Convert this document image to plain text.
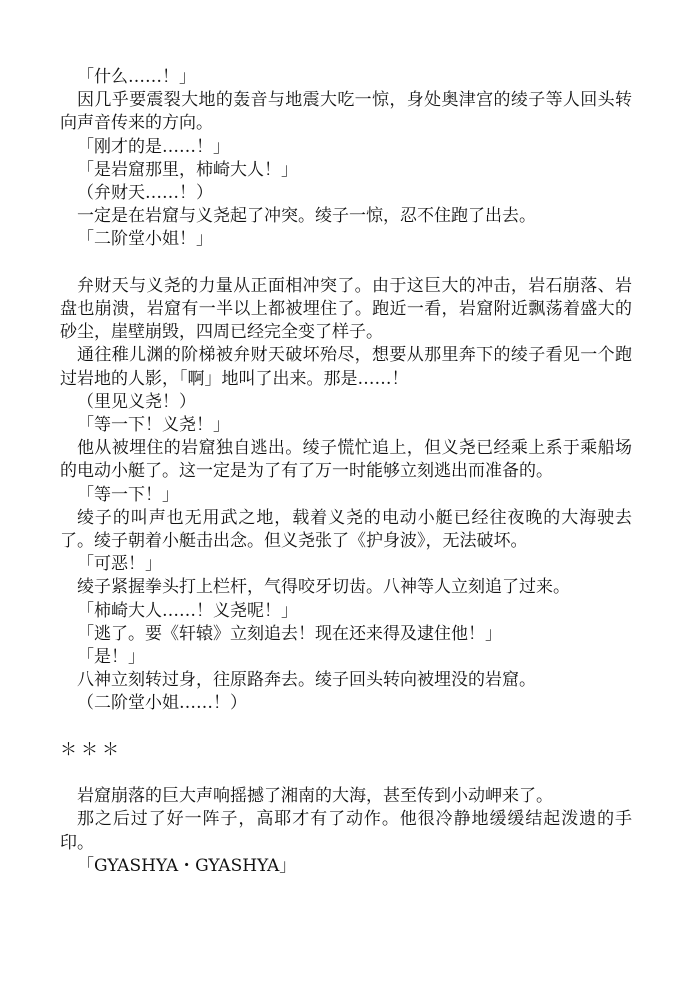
「什么……！」

因几乎要震裂大地的轰音与地震大吃一惊，身处奥津宫的绫子等人回头转向声音传来的方向。

「刚才的是……！」

「是岩窟那里，柿崎大人！」

（弁财天……！）

一定是在岩窟与义尧起了冲突。绫子一惊，忍不住跑了出去。

「二阶堂小姐！」

弁财天与义尧的力量从正面相冲突了。由于这巨大的冲击，岩石崩落、岩盘也崩溃，岩窟有一半以上都被埋住了。跑近一看，岩窟附近飘荡着盛大的砂尘，崖壁崩毁，四周已经完全变了样子。

通往稚儿渊的阶梯被弁财天破坏殆尽，想要从那里奔下的绫子看见一个跑过岩地的人影，「啊」地叫了出来。那是……！

（里见义尧！）

「等一下！义尧！」

他从被埋住的岩窟独自逃出。绫子慌忙追上，但义尧已经乘上系于乘船场的电动小艇了。这一定是为了有了万一时能够立刻逃出而准备的。

「等一下！」

绫子的叫声也无用武之地，载着义尧的电动小艇已经往夜晚的大海驶去了。绫子朝着小艇击出念。但义尧张了《护身波》，无法破坏。

「可恶！」

绫子紧握拳头打上栏杆，气得咬牙切齿。八神等人立刻追了过来。

「柿崎大人……！义尧呢！」

「逃了。要《轩辕》立刻追去！现在还来得及逮住他！」

「是！」

八神立刻转过身，往原路奔去。绫子回头转向被埋没的岩窟。

（二阶堂小姐……！）

＊＊＊

岩窟崩落的巨大声响摇撼了湘南的大海，甚至传到小动岬来了。

那之后过了好一阵子，高耶才有了动作。他很冷静地缓缓结起泼遗的手印。

「GYASHYA・GYASHYA」
